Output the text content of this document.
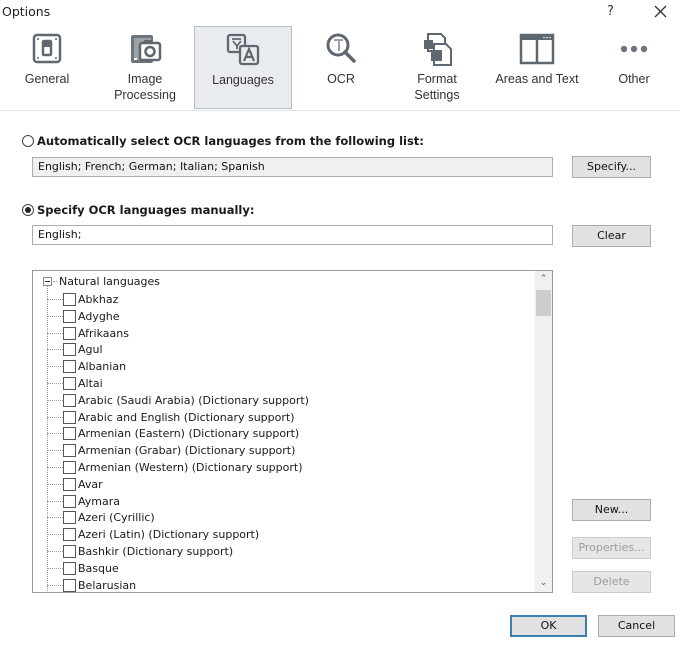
Options	?
General	Image Processing
Languages	OCR	Format Settings
Areas and Text	Other
Automatically select OCR languages from the following list:
English; French; German; Italian; Spanish	Specify...
Specify OCR languages manually:
English;	Clear
Natural languages
Abkhaz
Adyghe
Afrikaans
Agul
Albanian
Altai
Arabic (Saudi Arabia) (Dictionary support)
Arabic and English (Dictionary support)
Armenian (Eastern) (Dictionary support)
Armenian (Grabar) (Dictionary support)
Armenian (Western) (Dictionary support)
Avar
Aymara
Azeri (Cyrillic)
Azeri (Latin) (Dictionary support)
Bashkir (Dictionary support)
Basque
Belarusian
⌃
⌄
New...
Properties...
Delete
OK	Cancel
